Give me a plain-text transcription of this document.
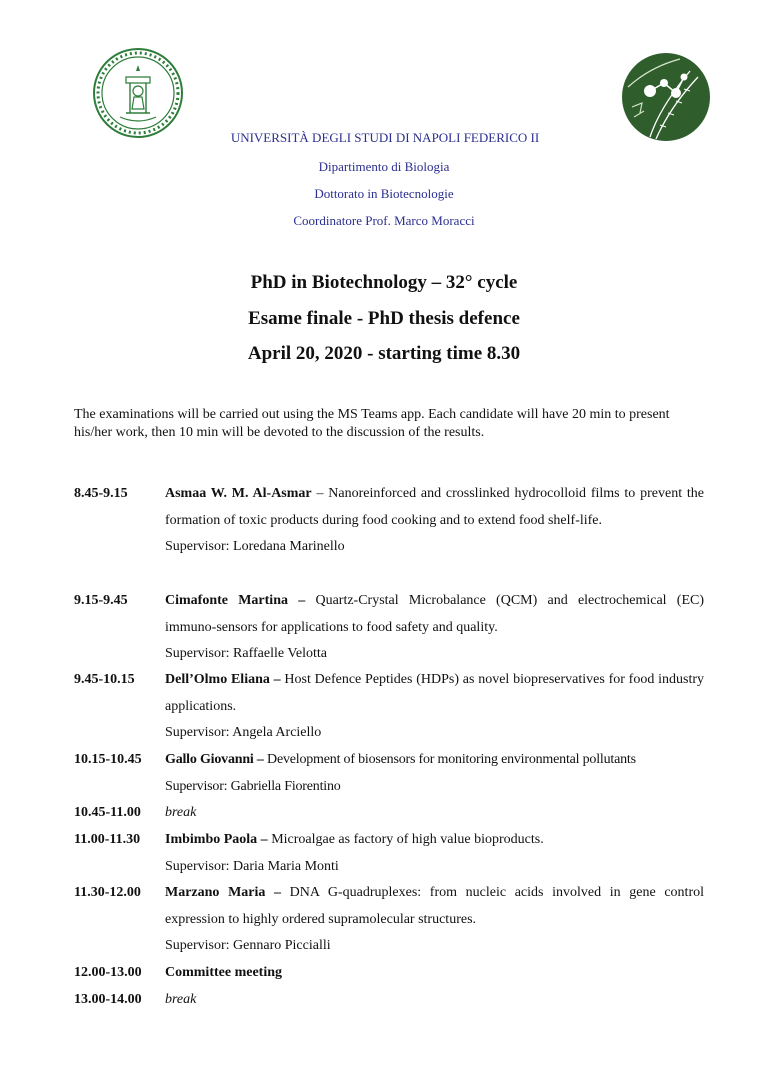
UNIVERSITÀ DEGLI STUDI DI NAPOLI FEDERICO II
Dipartimento di Biologia
Dottorato in Biotecnologie
Coordinatore Prof. Marco Moracci
PhD in Biotechnology – 32° cycle
Esame finale - PhD thesis defence
April 20, 2020 - starting time 8.30
The examinations will be carried out using the MS Teams app. Each candidate will have 20 min to present his/her work, then 10 min will be devoted to the discussion of the results.
8.45-9.15	Asmaa W. M. Al-Asmar – Nanoreinforced and crosslinked hydrocolloid films to prevent the formation of toxic products during food cooking and to extend food shelf-life.
Supervisor: Loredana Marinello
9.15-9.45	Cimafonte Martina – Quartz-Crystal Microbalance (QCM) and electrochemical (EC) immuno-sensors for applications to food safety and quality.
Supervisor: Raffaelle Velotta
9.45-10.15	Dell’Olmo Eliana – Host Defence Peptides (HDPs) as novel biopreservatives for food industry applications.
Supervisor: Angela Arciello
10.15-10.45	Gallo Giovanni – Development of biosensors for monitoring environmental pollutants
Supervisor: Gabriella Fiorentino
10.45-11.00	break
11.00-11.30	Imbimbo Paola – Microalgae as factory of high value bioproducts.
Supervisor: Daria Maria Monti
11.30-12.00	Marzano Maria – DNA G-quadruplexes: from nucleic acids involved in gene control expression to highly ordered supramolecular structures.
Supervisor: Gennaro Piccialli
12.00-13.00	Committee meeting
13.00-14.00	break
